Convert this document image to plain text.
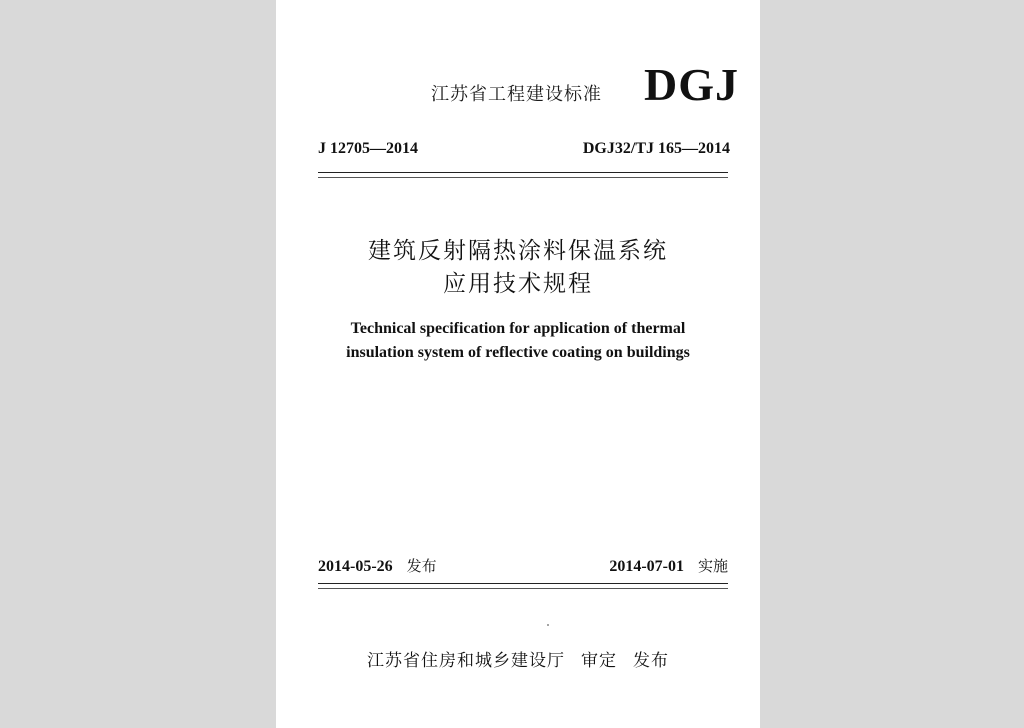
江苏省工程建设标准 DGJ
J 12705—2014	DGJ32/TJ 165—2014
建筑反射隔热涂料保温系统
应用技术规程
Technical specification for application of thermal
insulation system of reflective coating on buildings
2014-05-26 发布	2014-07-01 实施
江苏省住房和城乡建设厅 审定 发布
